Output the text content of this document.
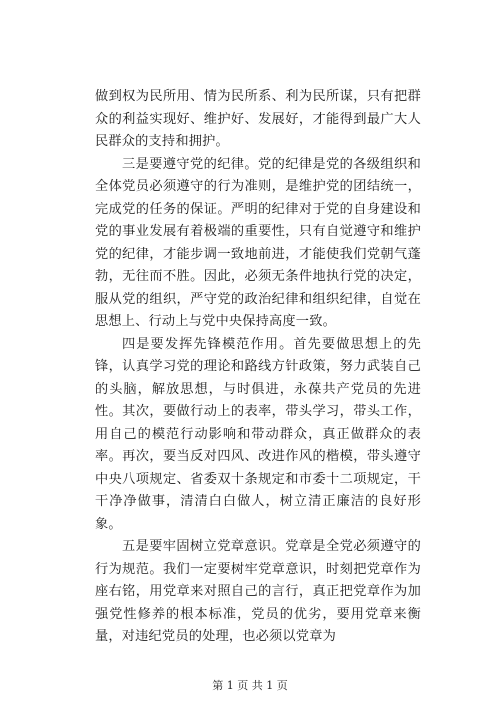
做到权为民所用、情为民所系、利为民所谋，只有把群众的利益实现好、维护好、发展好，才能得到最广大人民群众的支持和拥护。

三是要遵守党的纪律。党的纪律是党的各级组织和全体党员必须遵守的行为准则，是维护党的团结统一，完成党的任务的保证。严明的纪律对于党的自身建设和党的事业发展有着极端的重要性，只有自觉遵守和维护党的纪律，才能步调一致地前进，才能使我们党朝气蓬勃，无往而不胜。因此，必须无条件地执行党的决定，服从党的组织，严守党的政治纪律和组织纪律，自觉在思想上、行动上与党中央保持高度一致。

四是要发挥先锋模范作用。首先要做思想上的先锋，认真学习党的理论和路线方针政策，努力武装自己的头脑，解放思想，与时俱进，永葆共产党员的先进性。其次，要做行动上的表率，带头学习，带头工作，用自己的模范行动影响和带动群众，真正做群众的表率。再次，要当反对四风、改进作风的楷模，带头遵守中央八项规定、省委双十条规定和市委十二项规定，干干净净做事，清清白白做人，树立清正廉洁的良好形象。

五是要牢固树立党章意识。党章是全党必须遵守的行为规范。我们一定要树牢党章意识，时刻把党章作为座右铭，用党章来对照自己的言行，真正把党章作为加强党性修养的根本标准，党员的优劣，要用党章来衡量，对违纪党员的处理，也必须以党章为

第 1 页 共 1 页
